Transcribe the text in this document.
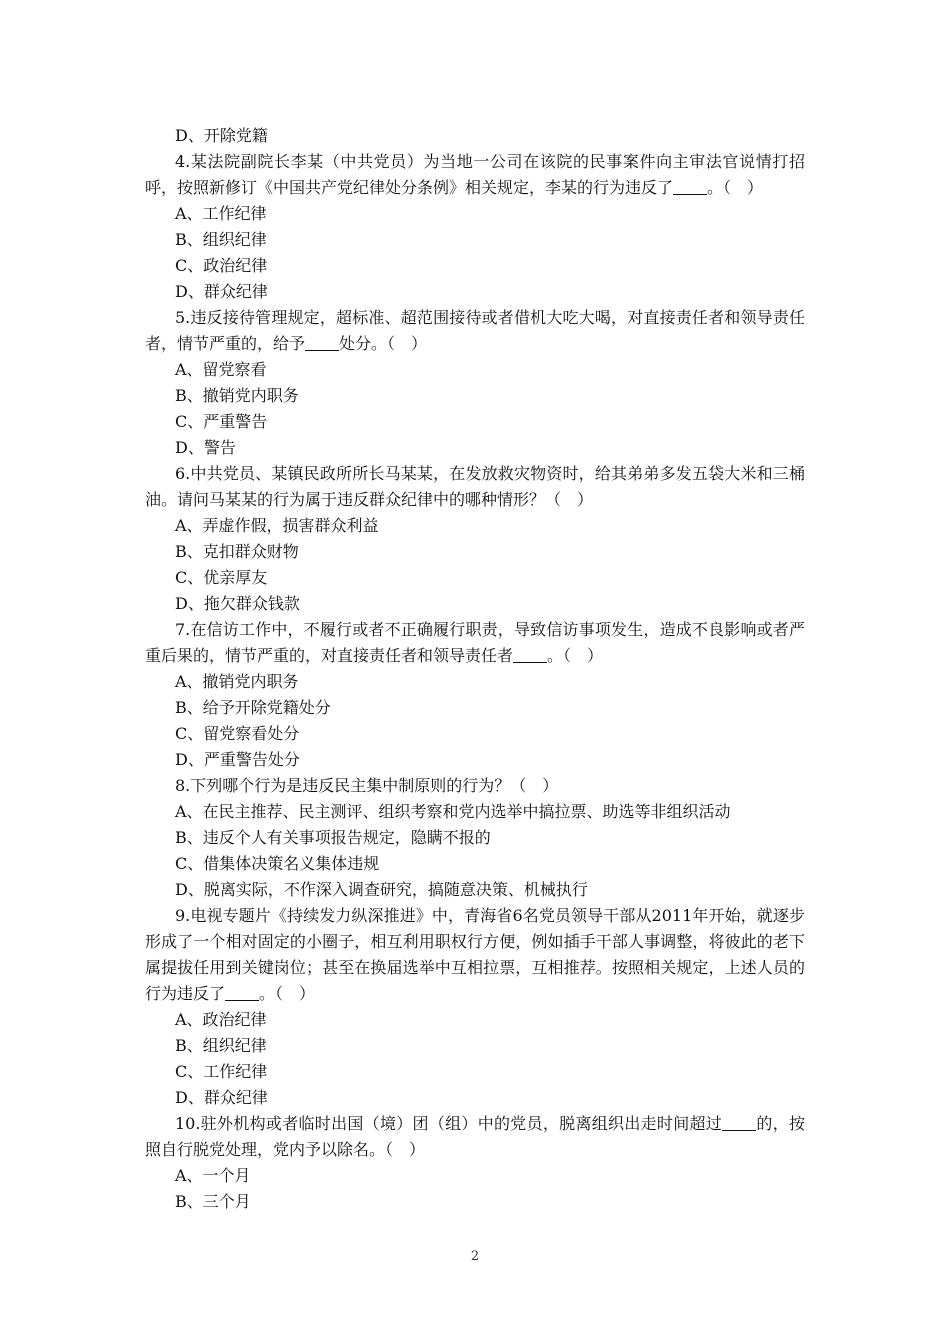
D、开除党籍

4.某法院副院长李某（中共党员）为当地一公司在该院的民事案件向主审法官说情打招呼，按照新修订《中国共产党纪律处分条例》相关规定，李某的行为违反了 。（　）

A、工作纪律
B、组织纪律
C、政治纪律
D、群众纪律

5.违反接待管理规定，超标准、超范围接待或者借机大吃大喝，对直接责任者和领导责任者，情节严重的，给予 处分。（　）

A、留党察看
B、撤销党内职务
C、严重警告
D、警告

6.中共党员、某镇民政所所长马某某，在发放救灾物资时，给其弟弟多发五袋大米和三桶油。请问马某某的行为属于违反群众纪律中的哪种情形？（　）

A、弄虚作假，损害群众利益
B、克扣群众财物
C、优亲厚友
D、拖欠群众钱款

7.在信访工作中，不履行或者不正确履行职责，导致信访事项发生，造成不良影响或者严重后果的，情节严重的，对直接责任者和领导责任者 。（　）

A、撤销党内职务
B、给予开除党籍处分
C、留党察看处分
D、严重警告处分

8.下列哪个行为是违反民主集中制原则的行为？（　）

A、在民主推荐、民主测评、组织考察和党内选举中搞拉票、助选等非组织活动
B、违反个人有关事项报告规定，隐瞒不报的
C、借集体决策名义集体违规
D、脱离实际，不作深入调查研究，搞随意决策、机械执行

9.电视专题片《持续发力纵深推进》中，青海省6名党员领导干部从2011年开始，就逐步形成了一个相对固定的小圈子，相互利用职权行方便，例如插手干部人事调整，将彼此的老下属提拔任用到关键岗位；甚至在换届选举中互相拉票，互相推荐。按照相关规定，上述人员的行为违反了 。（　）

A、政治纪律
B、组织纪律
C、工作纪律
D、群众纪律

10.驻外机构或者临时出国（境）团（组）中的党员，脱离组织出走时间超过 的，按照自行脱党处理，党内予以除名。（　）

A、一个月
B、三个月
2
